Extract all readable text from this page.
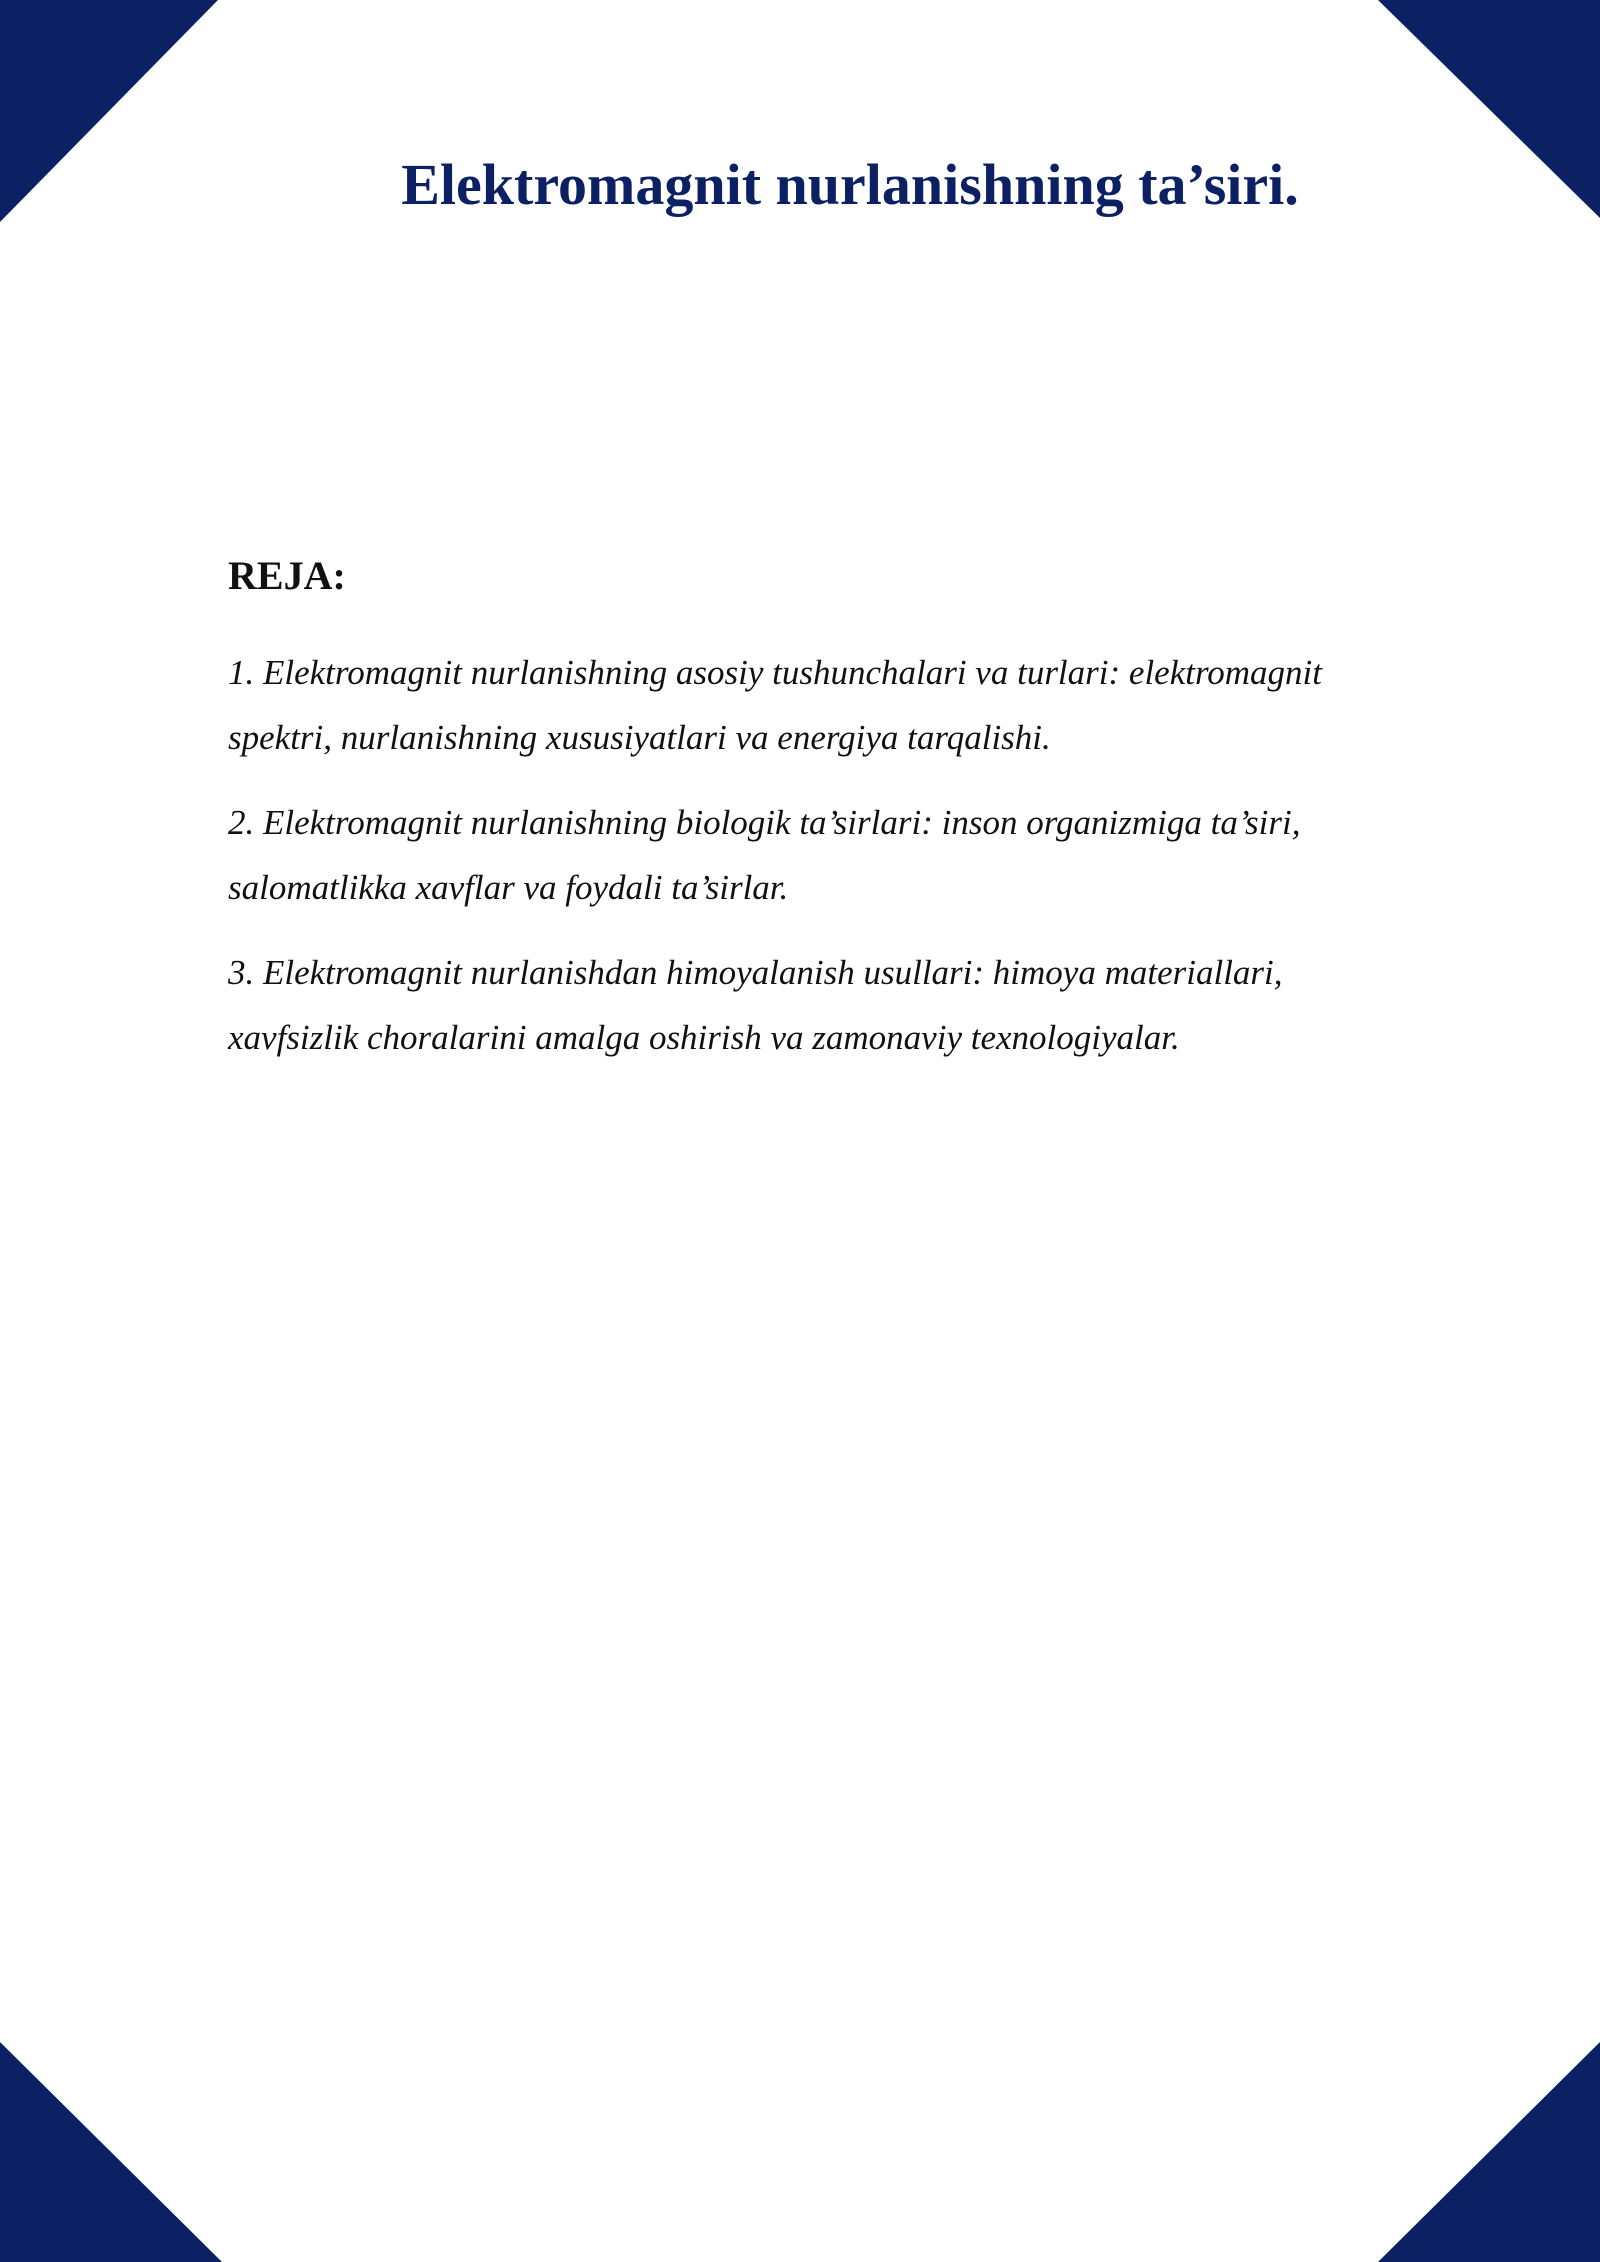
Elektromagnit nurlanishning ta’siri.

REJA:

1. Elektromagnit nurlanishning asosiy tushunchalari va turlari: elektromagnit spektri, nurlanishning xususiyatlari va energiya tarqalishi.
2. Elektromagnit nurlanishning biologik ta’sirlari: inson organizmiga ta’siri, salomatlikka xavflar va foydali ta’sirlar.
3. Elektromagnit nurlanishdan himoyalanish usullari: himoya materiallari, xavfsizlik choralarini amalga oshirish va zamonaviy texnologiyalar.
